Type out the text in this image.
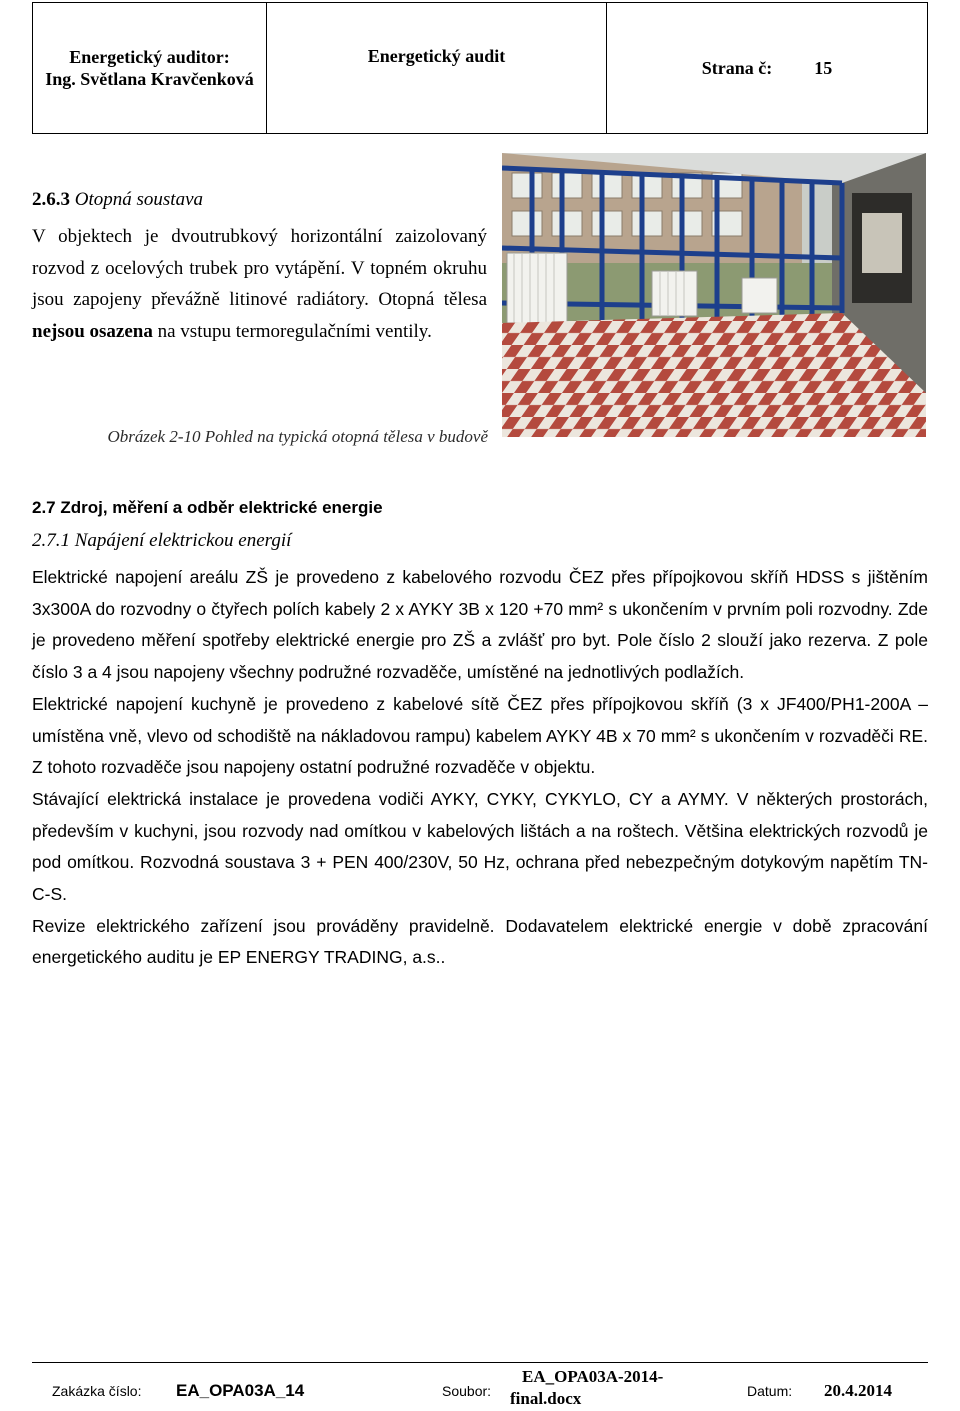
Energetický auditor:
Ing. Světlana Kravčenková
Energetický audit
Strana č: 15
2.6.3 Otopná soustava

V objektech je dvoutrubkový horizontální zaizolovaný rozvod z ocelových trubek pro vytápění. V topném okruhu jsou zapojeny převážně litinové radiátory. Otopná tělesa nejsou osazena na vstupu termoregulačními ventily.

Obrázek 2-10 Pohled na typická otopná tělesa v budově
2.7 Zdroj, měření a odběr elektrické energie
2.7.1 Napájení elektrickou energií

Elektrické napojení areálu ZŠ je provedeno z kabelového rozvodu ČEZ přes přípojkovou skříň HDSS s jištěním 3x300A do rozvodny o čtyřech polích kabely 2 x AYKY 3B x 120 +70 mm² s ukončením v prvním poli rozvodny. Zde je provedeno měření spotřeby elektrické energie pro ZŠ a zvlášť pro byt. Pole číslo 2 slouží jako rezerva. Z pole číslo 3 a 4 jsou napojeny všechny podružné rozvaděče, umístěné na jednotlivých podlažích.

Elektrické napojení kuchyně je provedeno z kabelové sítě ČEZ přes přípojkovou skříň (3 x JF400/PH1-200A – umístěna vně, vlevo od schodiště na nákladovou rampu) kabelem AYKY 4B x 70 mm² s ukončením v rozvaděči RE. Z tohoto rozvaděče jsou napojeny ostatní podružné rozvaděče v objektu.

Stávající elektrická instalace je provedena vodiči AYKY, CYKY, CYKYLO, CY a AYMY. V některých prostorách, především v kuchyni, jsou rozvody nad omítkou v kabelových lištách a na roštech. Většina elektrických rozvodů je pod omítkou. Rozvodná soustava 3 + PEN 400/230V, 50 Hz, ochrana před nebezpečným dotykovým napětím TN-C-S.

Revize elektrického zařízení jsou prováděny pravidelně. Dodavatelem elektrické energie v době zpracování energetického auditu je EP ENERGY TRADING, a.s..

Zakázka číslo: EA_OPA03A_14	Soubor:
EA_OPA03A-2014-
final.docx	Datum: 20.4.2014
